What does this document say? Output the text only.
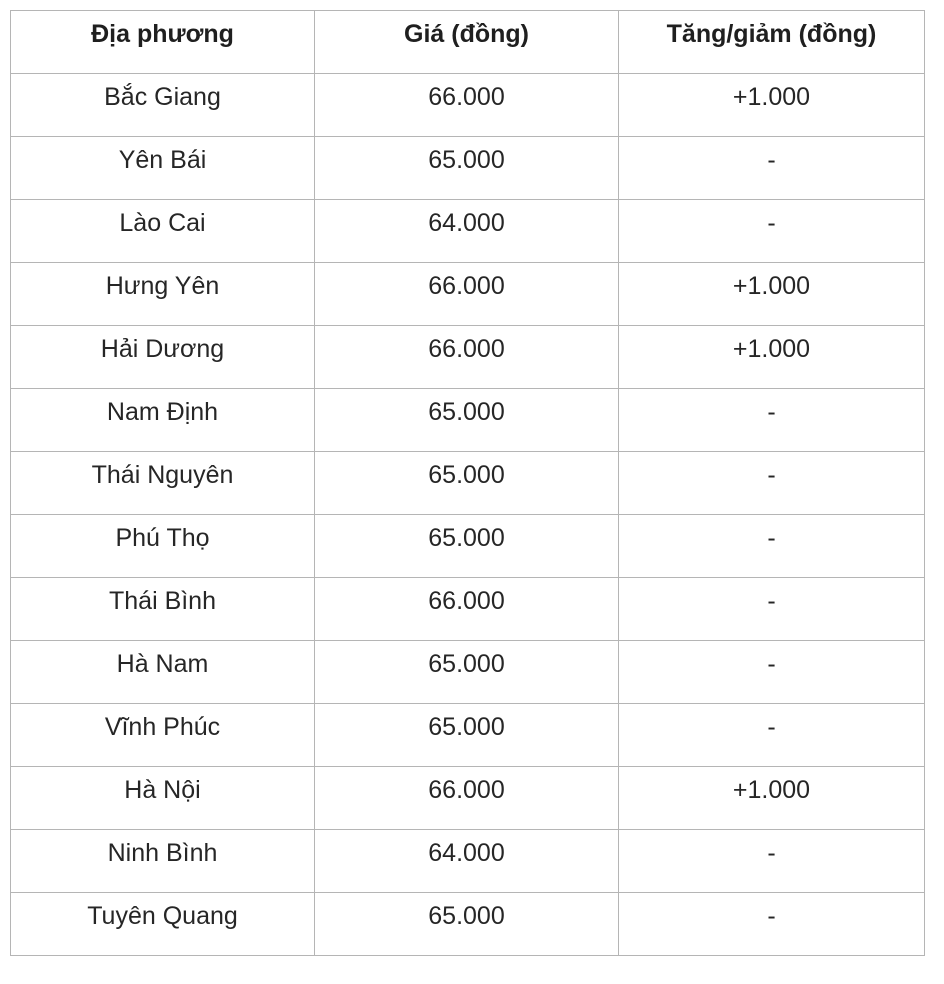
Địa phương	Giá (đồng)	Tăng/giảm (đồng)
Bắc Giang	66.000	+1.000
Yên Bái	65.000	-
Lào Cai	64.000	-
Hưng Yên	66.000	+1.000
Hải Dương	66.000	+1.000
Nam Định	65.000	-
Thái Nguyên	65.000	-
Phú Thọ	65.000	-
Thái Bình	66.000	-
Hà Nam	65.000	-
Vĩnh Phúc	65.000	-
Hà Nội	66.000	+1.000
Ninh Bình	64.000	-
Tuyên Quang	65.000	-
